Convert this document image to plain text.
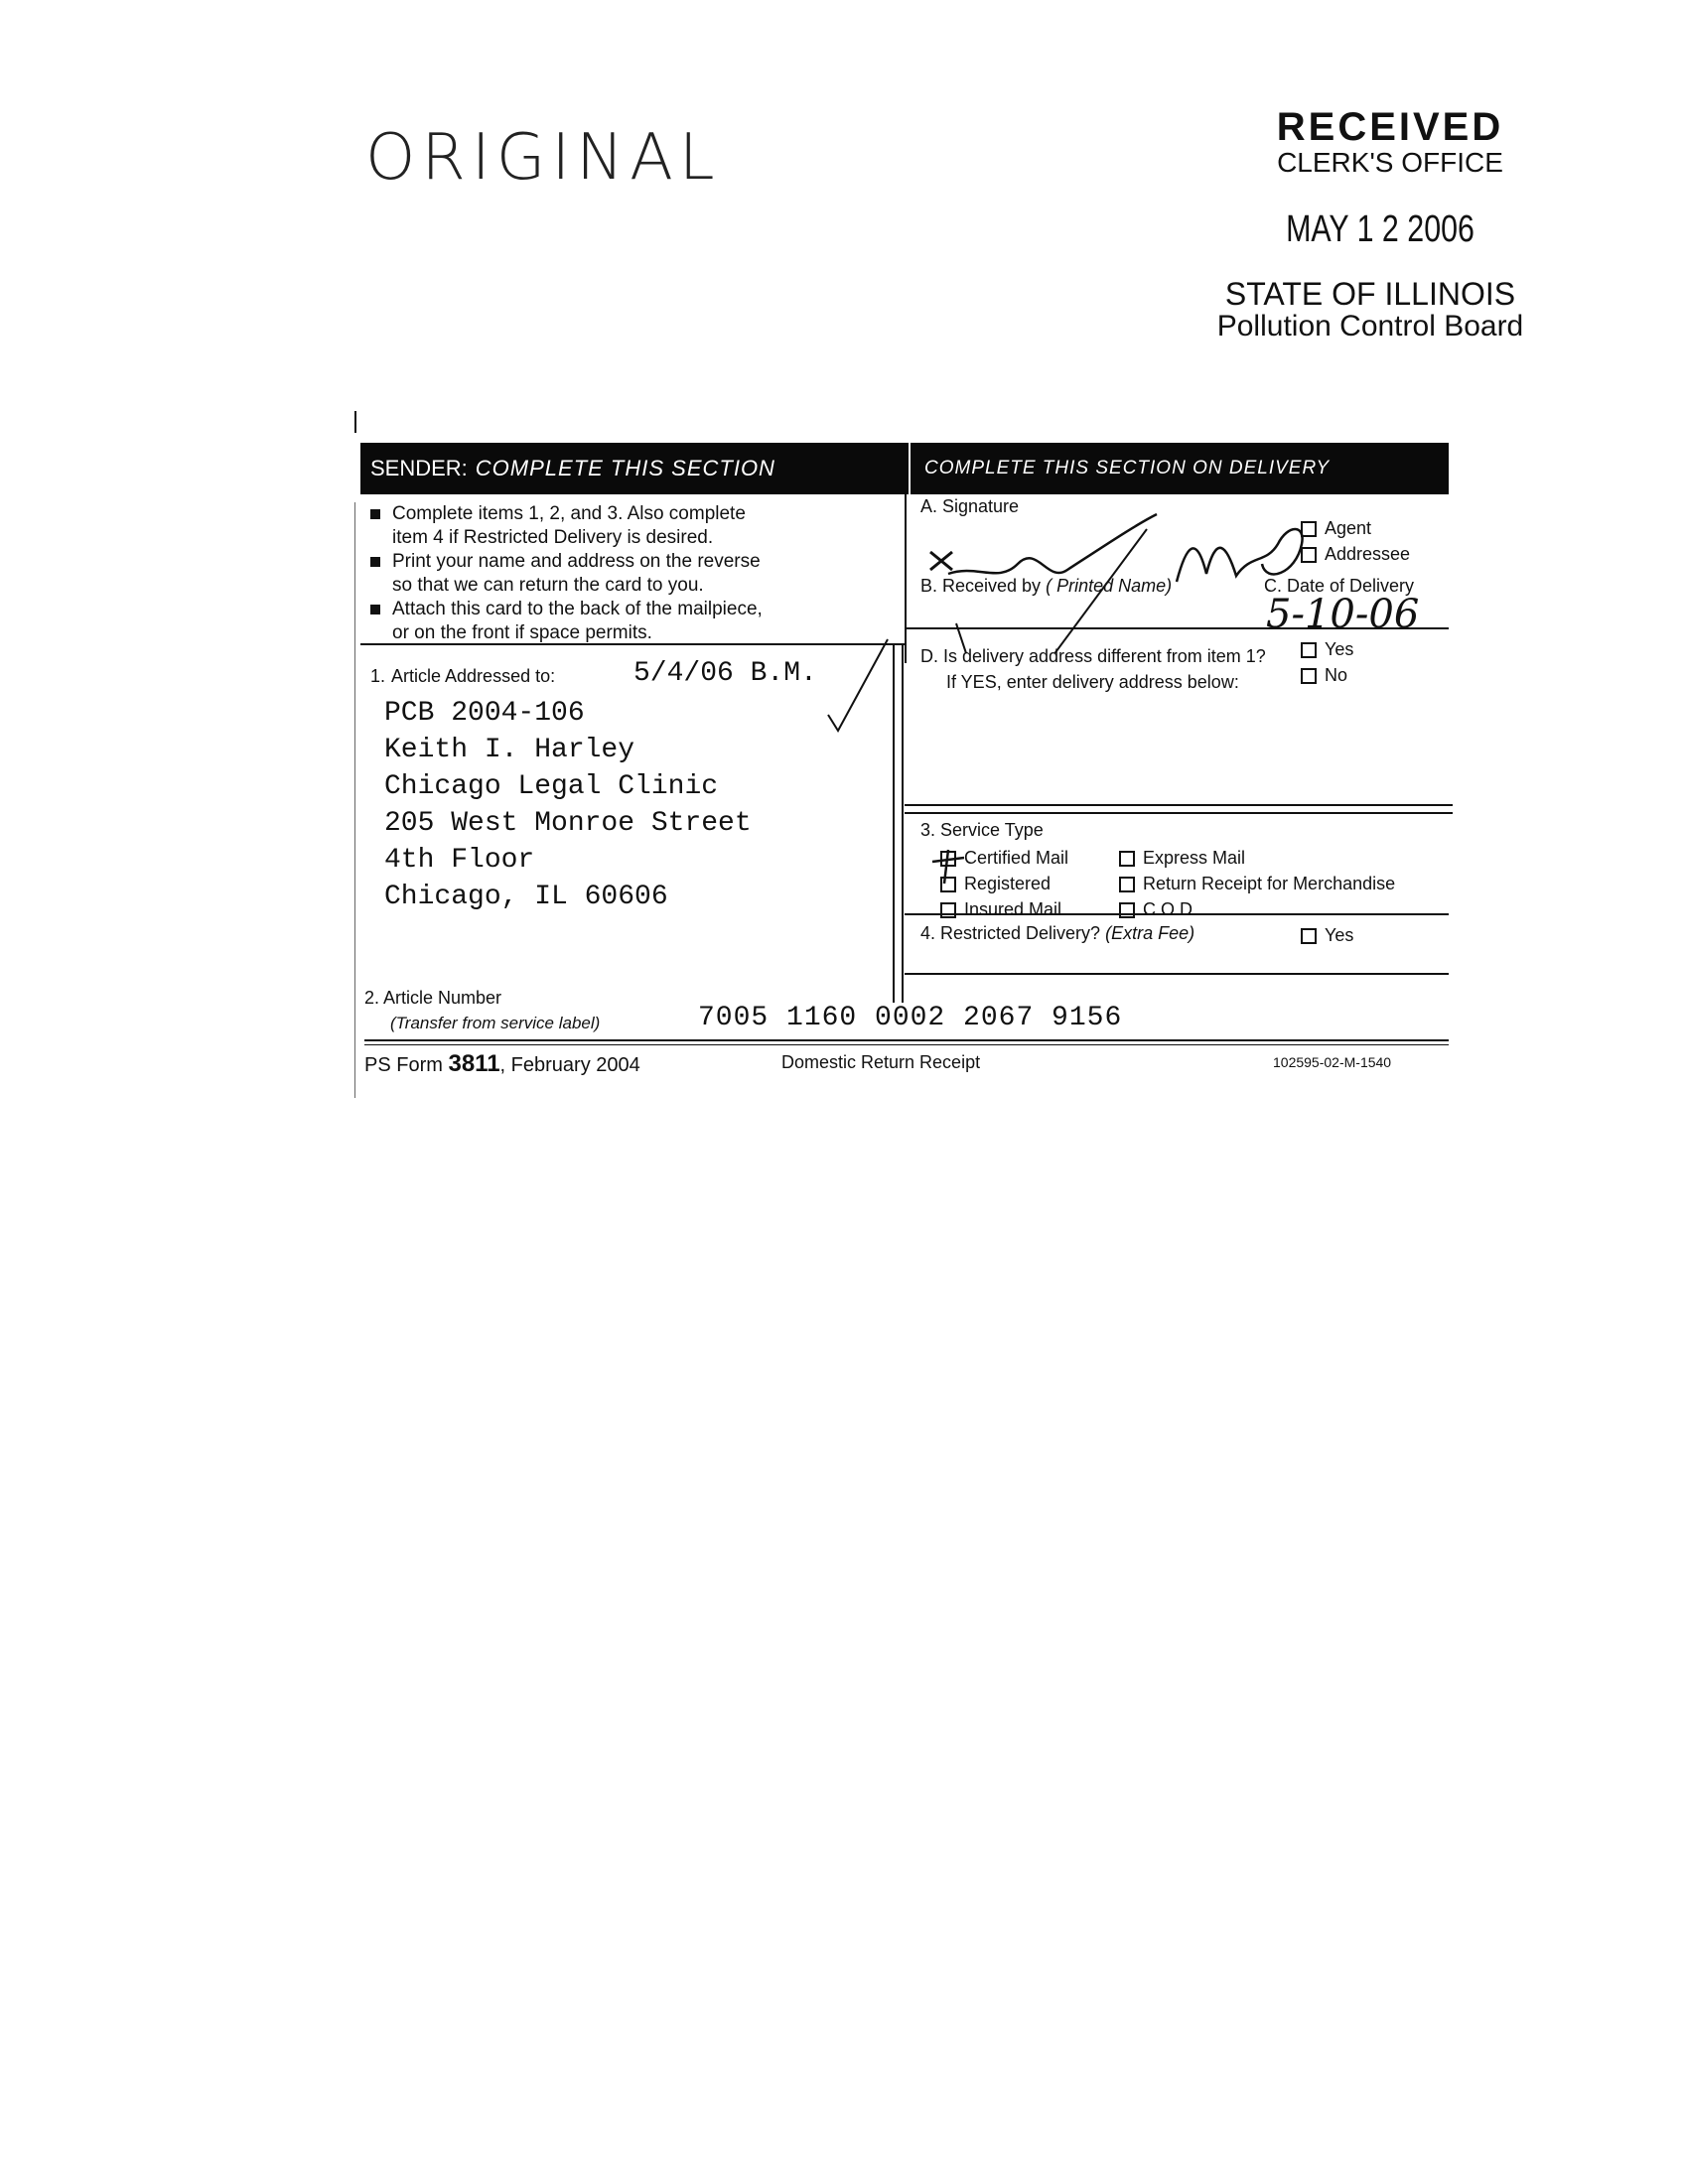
ORIGINAL	RECEIVED
CLERK'S OFFICE
MAY 1 2 2006
STATE OF ILLINOIS
Pollution Control Board
SENDER: COMPLETE THIS SECTION	COMPLETE THIS SECTION ON DELIVERY
Complete items 1, 2, and 3. Also complete
item 4 if Restricted Delivery is desired.
Print your name and address on the reverse
so that we can return the card to you.
Attach this card to the back of the mailpiece,
or on the front if space permits.
1. Article Addressed to:	5/4/06 B.M.
PCB 2004-106
Keith I. Harley
Chicago Legal Clinic
205 West Monroe Street
4th Floor
Chicago, IL 60606
A. Signature
Agent
Addressee
B. Received by ( Printed Name)	C. Date of Delivery
5-10-06
D. Is delivery address different from item 1?
If YES, enter delivery address below:
Yes
No
3. Service Type
Certified Mail	Express Mail
Registered	Return Receipt for Merchandise
Insured Mail	C.O.D.
4. Restricted Delivery? (Extra Fee)	Yes
2. Article Number
(Transfer from service label)	7005 1160 0002 2067 9156
PS Form 3811, February 2004	Domestic Return Receipt	102595-02-M-1540
